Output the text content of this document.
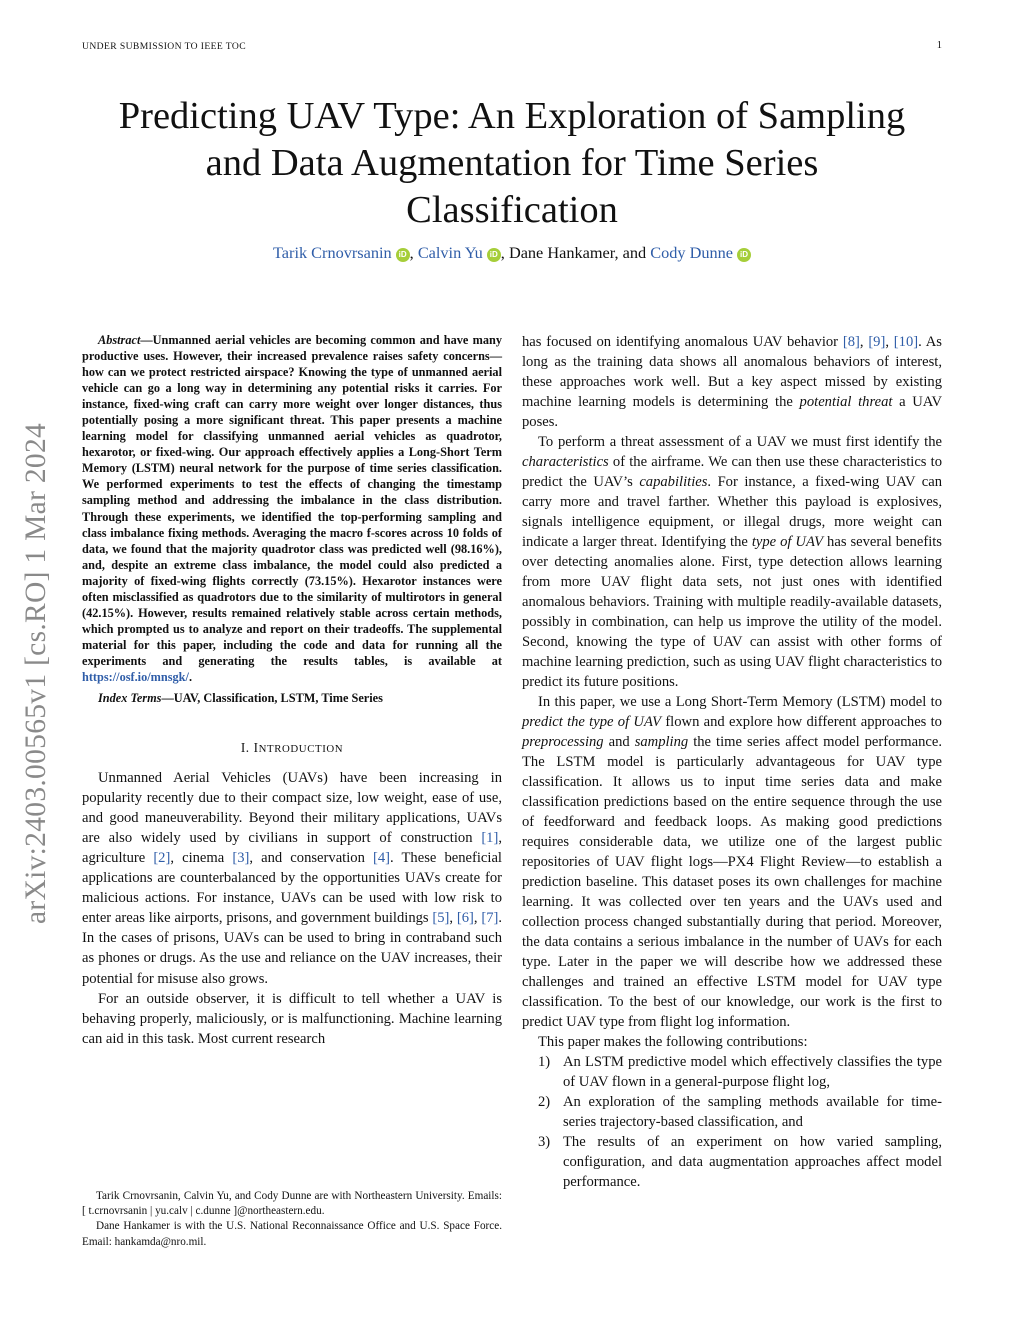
UNDER SUBMISSION TO IEEE TOC	1
arXiv:2403.00565v1 [cs.RO] 1 Mar 2024
Predicting UAV Type: An Exploration of Sampling
and Data Augmentation for Time Series
Classification
Tarik Crnovrsanin iD , Calvin Yu iD , Dane Hankamer, and Cody Dunne iD

Abstract—Unmanned aerial vehicles are becoming common and have many productive uses. However, their increased prevalence raises safety concerns—how can we protect restricted airspace? Knowing the type of unmanned aerial vehicle can go a long way in determining any potential risks it carries. For instance, fixed-wing craft can carry more weight over longer distances, thus potentially posing a more significant threat. This paper presents a machine learning model for classifying unmanned aerial vehicles as quadrotor, hexarotor, or fixed-wing. Our approach effectively applies a Long-Short Term Memory (LSTM) neural network for the purpose of time series classification. We performed experiments to test the effects of changing the timestamp sampling method and addressing the imbalance in the class distribution. Through these experiments, we identified the top-performing sampling and class imbalance fixing methods. Averaging the macro f-scores across 10 folds of data, we found that the majority quadrotor class was predicted well (98.16%), and, despite an extreme class imbalance, the model could also predicted a majority of fixed-wing flights correctly (73.15%). Hexarotor instances were often misclassified as quadrotors due to the similarity of multirotors in general (42.15%). However, results remained relatively stable across certain methods, which prompted us to analyze and report on their tradeoffs. The supplemental material for this paper, including the code and data for running all the experiments and generating the results tables, is available at https://osf.io/mnsgk/.

Index Terms—UAV, Classification, LSTM, Time Series

I. INTRODUCTION

Unmanned Aerial Vehicles (UAVs) have been increasing in popularity recently due to their compact size, low weight, ease of use, and good maneuverability. Beyond their military applications, UAVs are also widely used by civilians in support of construction [1], agriculture [2], cinema [3], and conservation [4]. These beneficial applications are counterbalanced by the opportunities UAVs create for malicious actions. For instance, UAVs can be used with low risk to enter areas like airports, prisons, and government buildings [5], [6], [7]. In the cases of prisons, UAVs can be used to bring in contraband such as phones or drugs. As the use and reliance on the UAV increases, their potential for misuse also grows.

For an outside observer, it is difficult to tell whether a UAV is behaving properly, maliciously, or is malfunctioning. Machine learning can aid in this task. Most current research

Tarik Crnovrsanin, Calvin Yu, and Cody Dunne are with Northeastern University. Emails: [ t.crnovrsanin | yu.calv | c.dunne ]@northeastern.edu.

Dane Hankamer is with the U.S. National Reconnaissance Office and U.S. Space Force. Email: hankamda@nro.mil.

has focused on identifying anomalous UAV behavior [8], [9], [10]. As long as the training data shows all anomalous behaviors of interest, these approaches work well. But a key aspect missed by existing machine learning models is determining the potential threat a UAV poses.

To perform a threat assessment of a UAV we must first identify the characteristics of the airframe. We can then use these characteristics to predict the UAV’s capabilities. For instance, a fixed-wing UAV can carry more and travel farther. Whether this payload is explosives, signals intelligence equipment, or illegal drugs, more weight can indicate a larger threat. Identifying the type of UAV has several benefits over detecting anomalies alone. First, type detection allows learning from more UAV flight data sets, not just ones with identified anomalous behaviors. Training with multiple readily-available datasets, possibly in combination, can help us improve the utility of the model. Second, knowing the type of UAV can assist with other forms of machine learning prediction, such as using UAV flight characteristics to predict its future positions.

In this paper, we use a Long Short-Term Memory (LSTM) model to predict the type of UAV flown and explore how different approaches to preprocessing and sampling the time series affect model performance. The LSTM model is particularly advantageous for UAV type classification. It allows us to input time series data and make classification predictions based on the entire sequence through the use of feedforward and feedback loops. As making good predictions requires considerable data, we utilize one of the largest public repositories of UAV flight logs—PX4 Flight Review—to establish a prediction baseline. This dataset poses its own challenges for machine learning. It was collected over ten years and the UAVs used and collection process changed substantially during that period. Moreover, the data contains a serious imbalance in the number of UAVs for each type. Later in the paper we will describe how we addressed these challenges and trained an effective LSTM model for UAV type classification. To the best of our knowledge, our work is the first to predict UAV type from flight log information.

This paper makes the following contributions:

1) An LSTM predictive model which effectively classifies the type of UAV flown in a general-purpose flight log,
2) An exploration of the sampling methods available for time-series trajectory-based classification, and
3) The results of an experiment on how varied sampling, configuration, and data augmentation approaches affect model performance.
